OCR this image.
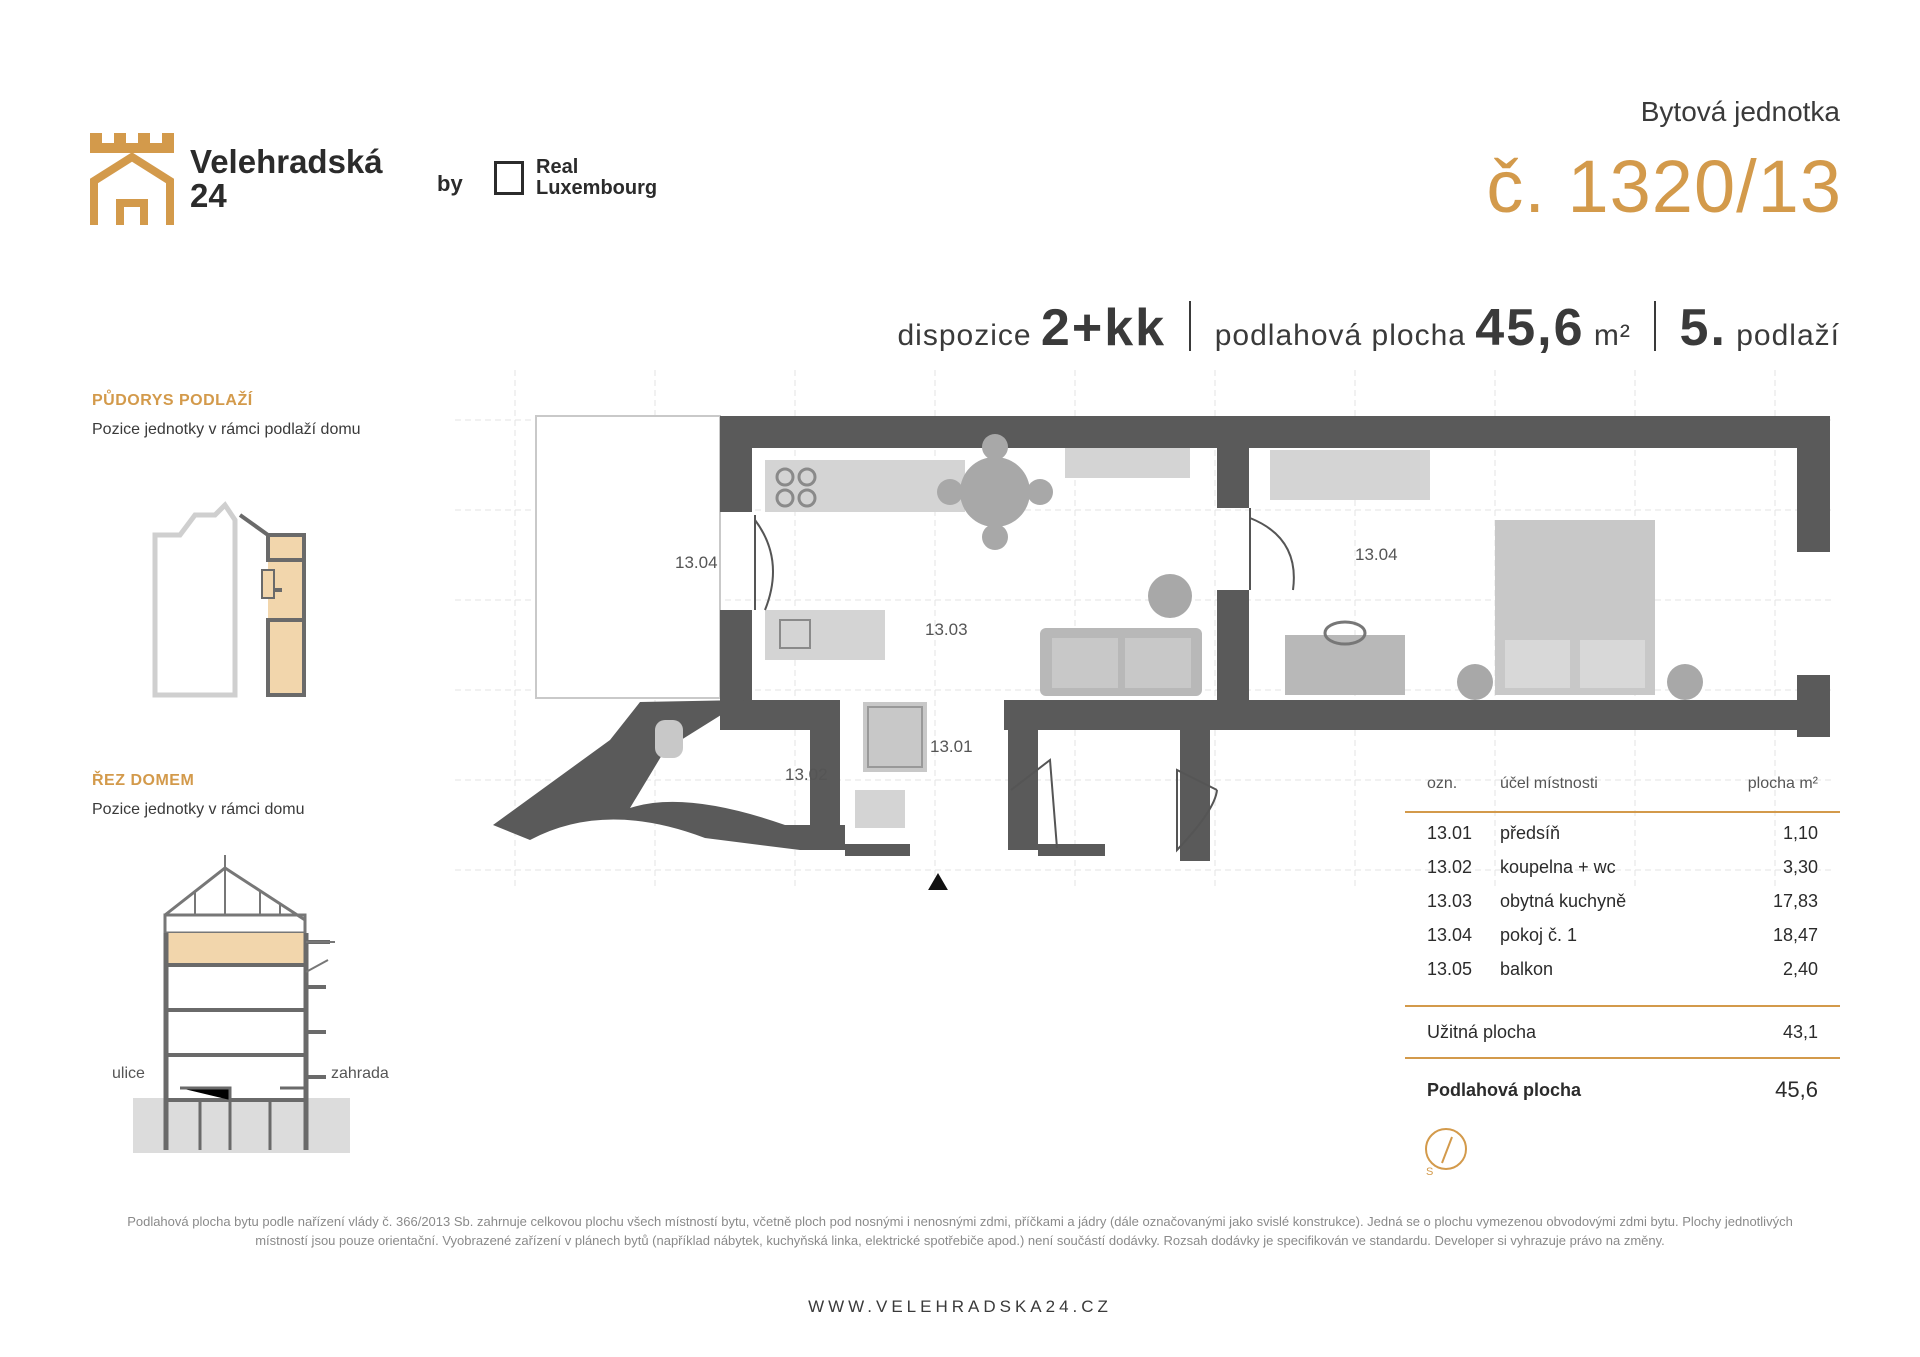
Velehradská
24	by
Real
Luxembourg
Bytová jednotka
č. 1320/13
dispozice 2+kk podlahová plocha 45,6 m² 5. podlaží
PŮDORYS PODLAŽÍ
Pozice jednotky v rámci podlaží domu
ŘEZ DOMEM
Pozice jednotky v rámci domu
ulice	zahrada
13.04
13.03
13.04
13.02
13.01
ozn.	účel místnosti	plocha m²
13.01 předsíň	1,10
13.02 koupelna + wc	3,30
13.03 obytná kuchyně	17,83
13.04 pokoj č. 1	18,47
13.05 balkon	2,40
Užitná plocha	43,1
Podlahová plocha	45,6
S
Podlahová plocha bytu podle nařízení vlády č. 366/2013 Sb. zahrnuje celkovou plochu všech místností bytu, včetně ploch pod nosnými i nenosnými zdmi, příčkami a jádry (dále označovanými jako svislé konstrukce). Jedná se o plochu vymezenou obvodovými zdmi bytu. Plochy jednotlivých místností jsou pouze orientační. Vyobrazené zařízení v plánech bytů (například nábytek, kuchyňská linka, elektrické spotřebiče apod.) není součástí dodávky. Rozsah dodávky je specifikován ve standardu. Developer si vyhrazuje právo na změny.
WWW.VELEHRADSKA24.CZ
